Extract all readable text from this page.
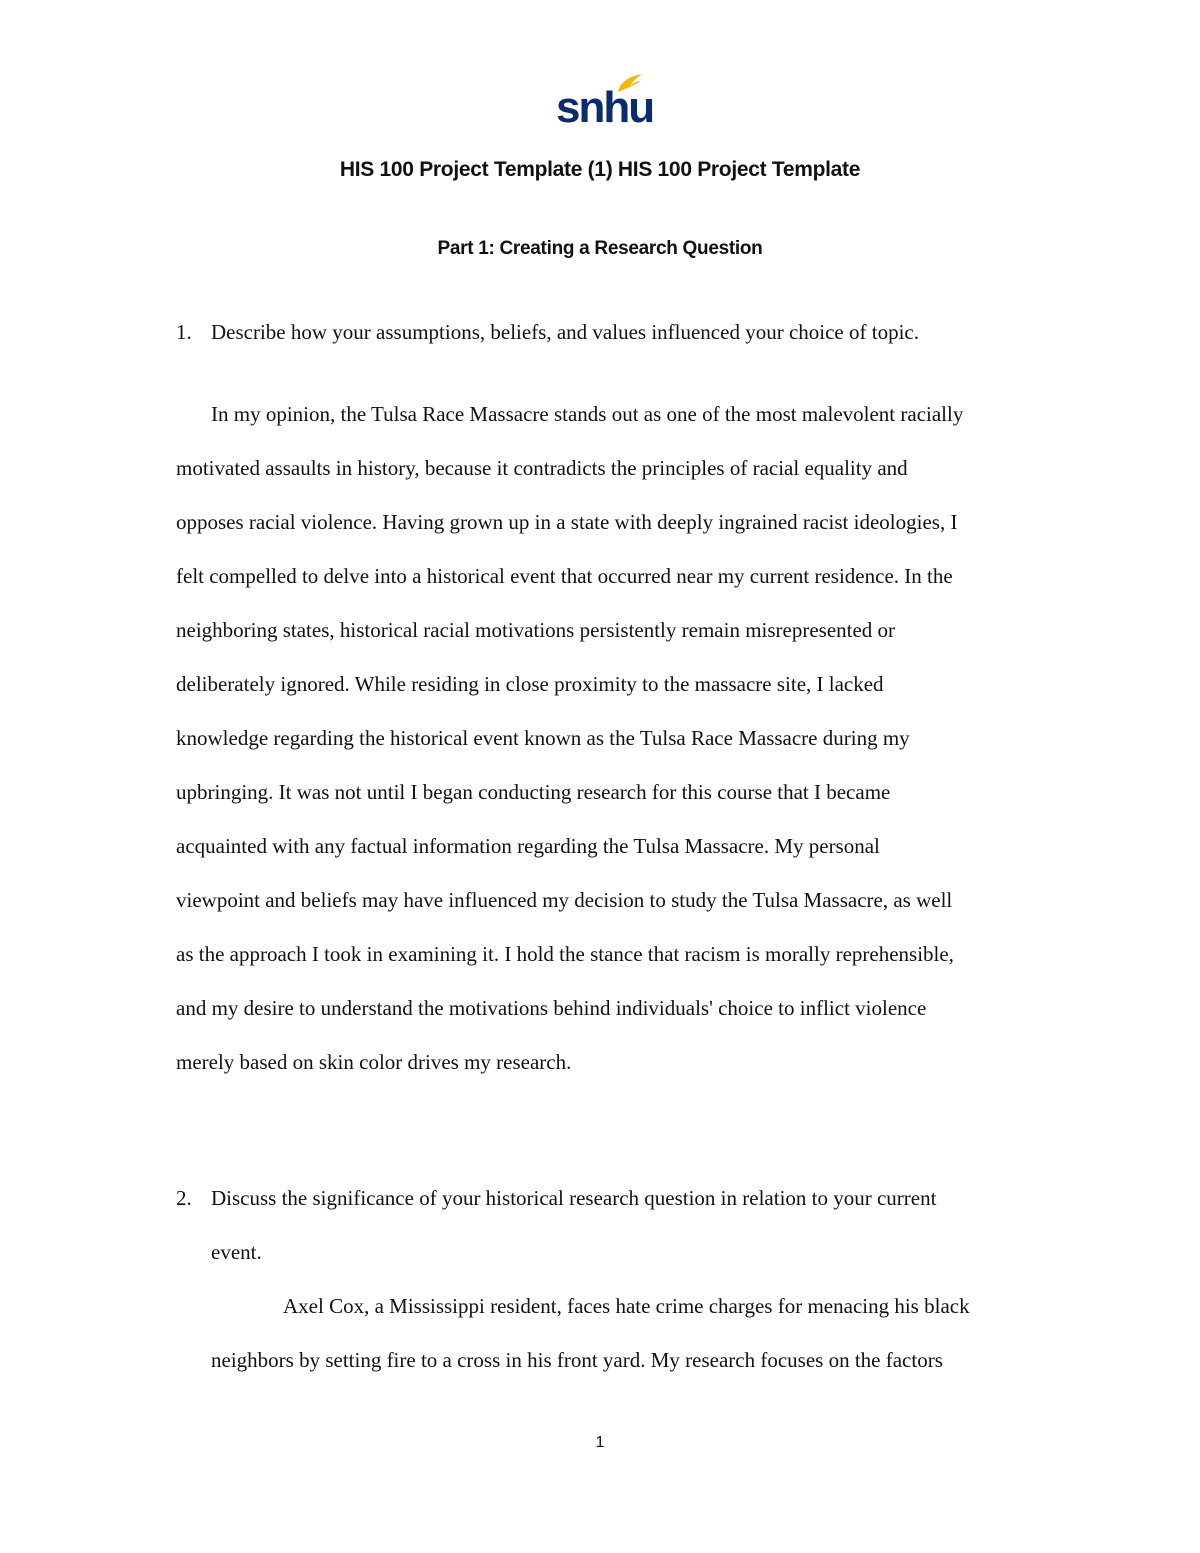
snhu
HIS 100 Project Template (1) HIS 100 Project Template
Part 1: Creating a Research Question
1. Describe how your assumptions, beliefs, and values influenced your choice of topic.
In my opinion, the Tulsa Race Massacre stands out as one of the most malevolent racially
motivated assaults in history, because it contradicts the principles of racial equality and
opposes racial violence. Having grown up in a state with deeply ingrained racist ideologies, I
felt compelled to delve into a historical event that occurred near my current residence. In the
neighboring states, historical racial motivations persistently remain misrepresented or
deliberately ignored. While residing in close proximity to the massacre site, I lacked
knowledge regarding the historical event known as the Tulsa Race Massacre during my
upbringing. It was not until I began conducting research for this course that I became
acquainted with any factual information regarding the Tulsa Massacre. My personal
viewpoint and beliefs may have influenced my decision to study the Tulsa Massacre, as well
as the approach I took in examining it. I hold the stance that racism is morally reprehensible,
and my desire to understand the motivations behind individuals' choice to inflict violence
merely based on skin color drives my research.
2. Discuss the significance of your historical research question in relation to your current
event.
Axel Cox, a Mississippi resident, faces hate crime charges for menacing his black
neighbors by setting fire to a cross in his front yard. My research focuses on the factors
1
